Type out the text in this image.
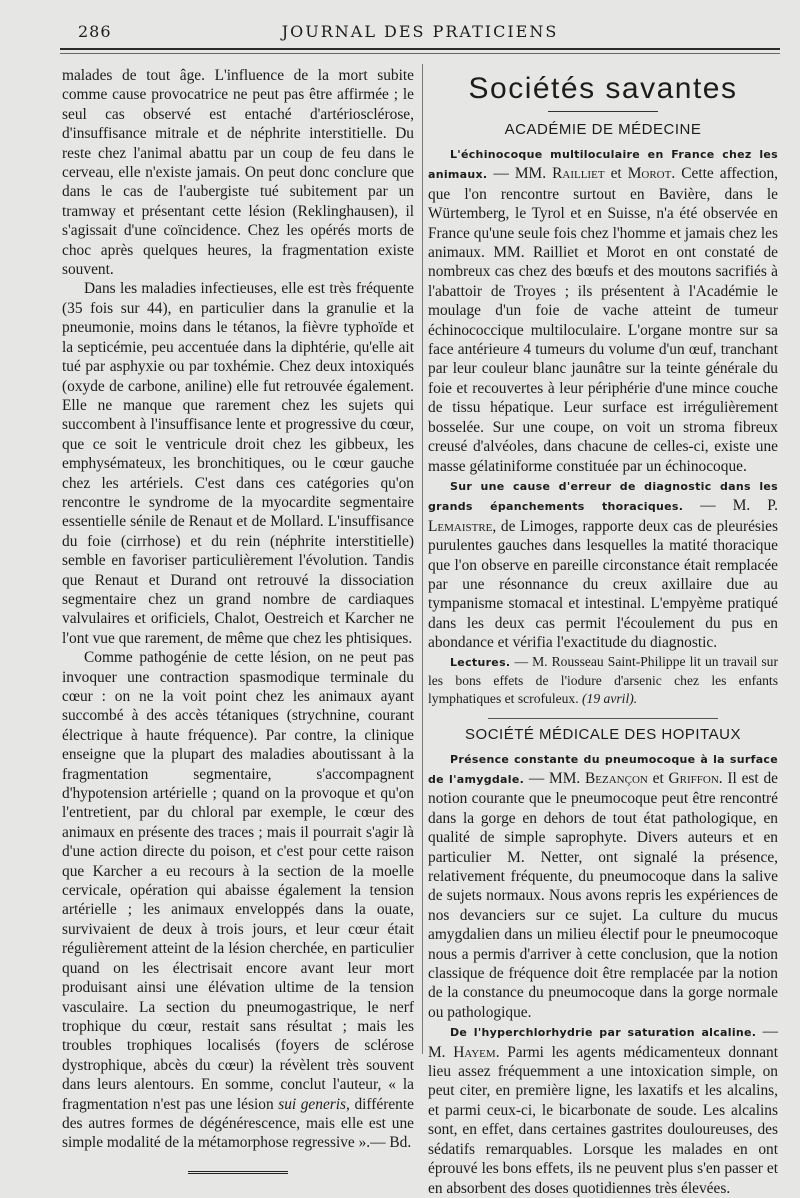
286	JOURNAL DES PRATICIENS

malades de tout âge. L'influence de la mort subite comme cause provocatrice ne peut pas être affirmée ; le seul cas observé est entaché d'artériosclérose, d'insuffisance mitrale et de néphrite interstitielle. Du reste chez l'animal abattu par un coup de feu dans le cerveau, elle n'existe jamais. On peut donc conclure que dans le cas de l'aubergiste tué subitement par un tramway et présentant cette lésion (Reklinghausen), il s'agissait d'une coïncidence. Chez les opérés morts de choc après quelques heures, la fragmentation existe souvent.

Dans les maladies infectieuses, elle est très fréquente (35 fois sur 44), en particulier dans la granulie et la pneumonie, moins dans le tétanos, la fièvre typhoïde et la septicémie, peu accentuée dans la diphtérie, qu'elle ait tué par asphyxie ou par toxhémie. Chez deux intoxiqués (oxyde de carbone, aniline) elle fut retrouvée également. Elle ne manque que rarement chez les sujets qui succombent à l'insuffisance lente et progressive du cœur, que ce soit le ventricule droit chez les gibbeux, les emphysémateux, les bronchitiques, ou le cœur gauche chez les artériels. C'est dans ces catégories qu'on rencontre le syndrome de la myocardite segmentaire essentielle sénile de Renaut et de Mollard. L'insuffisance du foie (cirrhose) et du rein (néphrite interstitielle) semble en favoriser particulièrement l'évolution. Tandis que Renaut et Durand ont retrouvé la dissociation segmentaire chez un grand nombre de cardiaques valvulaires et orificiels, Chalot, Oestreich et Karcher ne l'ont vue que rarement, de même que chez les phtisiques.

Comme pathogénie de cette lésion, on ne peut pas invoquer une contraction spasmodique terminale du cœur : on ne la voit point chez les animaux ayant succombé à des accès tétaniques (strychnine, courant électrique à haute fréquence). Par contre, la clinique enseigne que la plupart des maladies aboutissant à la fragmentation segmentaire, s'accompagnent d'hypotension artérielle ; quand on la provoque et qu'on l'entretient, par du chloral par exemple, le cœur des animaux en présente des traces ; mais il pourrait s'agir là d'une action directe du poison, et c'est pour cette raison que Karcher a eu recours à la section de la moelle cervicale, opération qui abaisse également la tension artérielle ; les animaux enveloppés dans la ouate, survivaient de deux à trois jours, et leur cœur était régulièrement atteint de la lésion cherchée, en particulier quand on les électrisait encore avant leur mort produisant ainsi une élévation ultime de la tension vasculaire. La section du pneumogastrique, le nerf trophique du cœur, restait sans résultat ; mais les troubles trophiques localisés (foyers de sclérose dystrophique, abcès du cœur) la révèlent très souvent dans leurs alentours. En somme, conclut l'auteur, « la fragmentation n'est pas une lésion sui generis, différente des autres formes de dégénérescence, mais elle est une simple modalité de la métamorphose regressive ».— Bd.

Sociétés savantes
ACADÉMIE DE MÉDECINE

L'échinocoque multiloculaire en France chez les animaux. — MM. Railliet et Morot. Cette affection, que l'on rencontre surtout en Bavière, dans le Würtemberg, le Tyrol et en Suisse, n'a été observée en France qu'une seule fois chez l'homme et jamais chez les animaux. MM. Railliet et Morot en ont constaté de nombreux cas chez des bœufs et des moutons sacrifiés à l'abattoir de Troyes ; ils présentent à l'Académie le moulage d'un foie de vache atteint de tumeur échinococcique multiloculaire. L'organe montre sur sa face antérieure 4 tumeurs du volume d'un œuf, tranchant par leur couleur blanc jaunâtre sur la teinte générale du foie et recouvertes à leur périphérie d'une mince couche de tissu hépatique. Leur surface est irrégulièrement bosselée. Sur une coupe, on voit un stroma fibreux creusé d'alvéoles, dans chacune de celles-ci, existe une masse gélatiniforme constituée par un échinocoque.

Sur une cause d'erreur de diagnostic dans les grands épanchements thoraciques. — M. P. Lemaistre, de Limoges, rapporte deux cas de pleurésies purulentes gauches dans lesquelles la matité thoracique que l'on observe en pareille circonstance était remplacée par une résonnance du creux axillaire due au tympanisme stomacal et intestinal. L'empyème pratiqué dans les deux cas permit l'écoulement du pus en abondance et vérifia l'exactitude du diagnostic.

Lectures. — M. Rousseau Saint-Philippe lit un travail sur les bons effets de l'iodure d'arsenic chez les enfants lymphatiques et scrofuleux. (19 avril).

SOCIÉTÉ MÉDICALE DES HOPITAUX

Présence constante du pneumocoque à la surface de l'amygdale. — MM. Bezançon et Griffon. Il est de notion courante que le pneumocoque peut être rencontré dans la gorge en dehors de tout état pathologique, en qualité de simple saprophyte. Divers auteurs et en particulier M. Netter, ont signalé la présence, relativement fréquente, du pneumocoque dans la salive de sujets normaux. Nous avons repris les expériences de nos devanciers sur ce sujet. La culture du mucus amygdalien dans un milieu électif pour le pneumocoque nous a permis d'arriver à cette conclusion, que la notion classique de fréquence doit être remplacée par la notion de la constance du pneumocoque dans la gorge normale ou pathologique.

De l'hyperchlorhydrie par saturation alcaline. — M. Hayem. Parmi les agents médicamenteux donnant lieu assez fréquemment a une intoxication simple, on peut citer, en première ligne, les laxatifs et les alcalins, et parmi ceux-ci, le bicarbonate de soude. Les alcalins sont, en effet, dans certaines gastrites douloureuses, des sédatifs remarquables. Lorsque les malades en ont éprouvé les bons effets, ils ne peuvent plus s'en passer et en absorbent des doses quotidiennes très élevées.
